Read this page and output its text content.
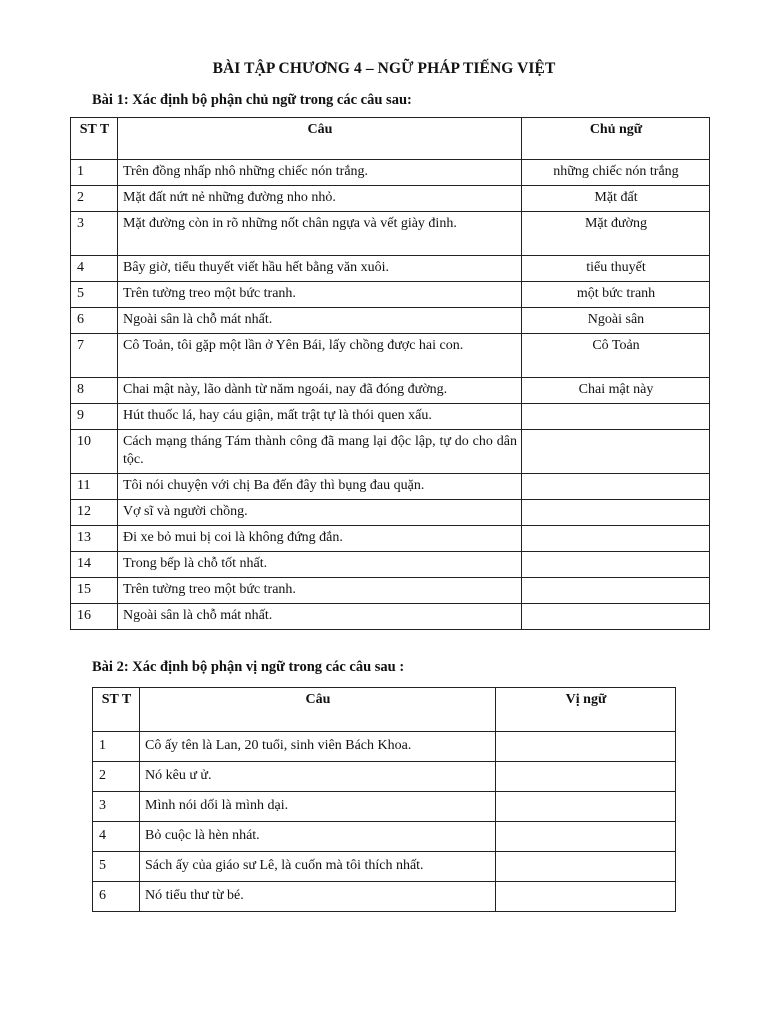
BÀI TẬP CHƯƠNG 4 – NGỮ PHÁP TIẾNG VIỆT
Bài 1: Xác định bộ phận chủ ngữ trong các câu sau:
ST T	Câu	Chủ ngữ
1	Trên đồng nhấp nhô những chiếc nón trắng.	những chiếc nón trắng
2	Mặt đất nứt nẻ những đường nho nhỏ.	Mặt đất
3	Mặt đường còn in rõ những nốt chân ngựa và vết giày đinh.	Mặt đường
4	Bây giờ, tiểu thuyết viết hầu hết bằng văn xuôi.	tiểu thuyết
5	Trên tường treo một bức tranh.	một bức tranh
6	Ngoài sân là chỗ mát nhất.	Ngoài sân
7	Cô Toản, tôi gặp một lần ở Yên Bái, lấy chồng được hai con.	Cô Toản
8	Chai mật này, lão dành từ năm ngoái, nay đã đóng đường.	Chai mật này
9	Hút thuốc lá, hay cáu giận, mất trật tự là thói quen xấu.	
10	Cách mạng tháng Tám thành công đã mang lại độc lập, tự do cho dân tộc.	
11	Tôi nói chuyện với chị Ba đến đây thì bụng đau quặn.	
12	Vợ sĩ và người chồng.	
13	Đi xe bỏ mui bị coi là không đứng đắn.	
14	Trong bếp là chỗ tốt nhất.	
15	Trên tường treo một bức tranh.	
16	Ngoài sân là chỗ mát nhất.	
Bài 2: Xác định bộ phận vị ngữ trong các câu sau :
ST T	Câu	Vị ngữ
1	Cô ấy tên là Lan, 20 tuổi, sinh viên Bách Khoa.	
2	Nó kêu ư ử.	
3	Mình nói dối là mình dại.	
4	Bỏ cuộc là hèn nhát.	
5	Sách ấy của giáo sư Lê, là cuốn mà tôi thích nhất.	
6	Nó tiểu thư từ bé.	
